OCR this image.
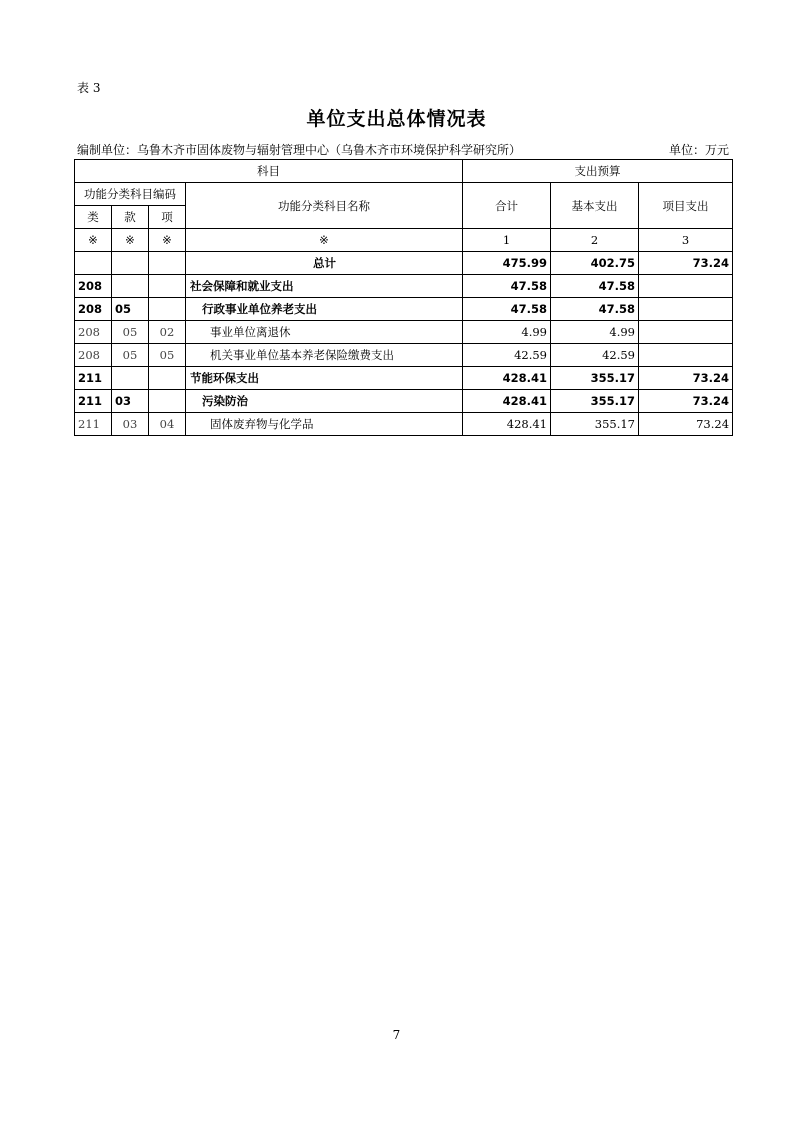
表 3
单位支出总体情况表
编制单位：乌鲁木齐市固体废物与辐射管理中心（乌鲁木齐市环境保护科学研究所）	单位：万元
科目				支出预算		
功能分类科目编码			功能分类科目名称	合计	基本支出	项目支出
类	款	项				
※	※	※	※	1	2	3
			总计	475.99	402.75	73.24
208			社会保障和就业支出	47.58	47.58	
208	05		行政事业单位养老支出	47.58	47.58	
208	05	02	事业单位离退休	4.99	4.99	
208	05	05	机关事业单位基本养老保险缴费支出	42.59	42.59	
211			节能环保支出	428.41	355.17	73.24
211	03		污染防治	428.41	355.17	73.24
211	03	04	固体废弃物与化学品	428.41	355.17	73.24
7
